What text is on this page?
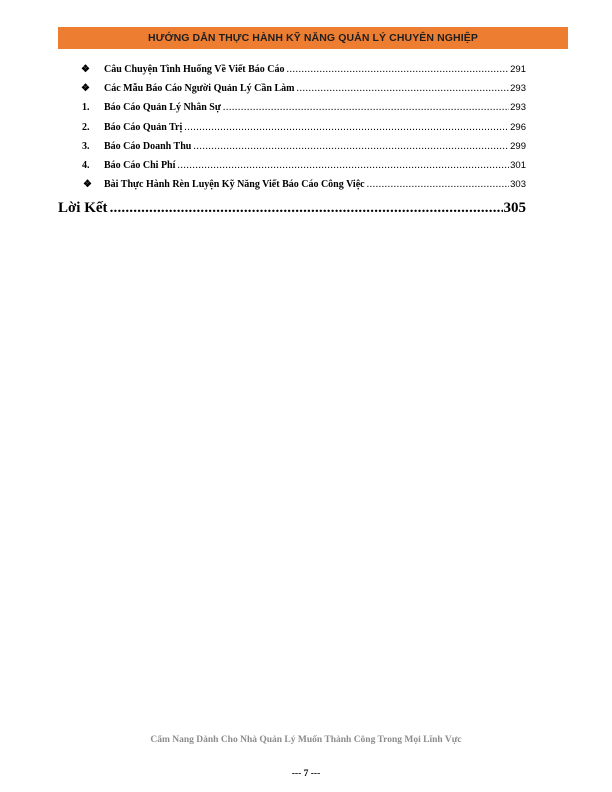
HƯỚNG DẪN THỰC HÀNH KỸ NĂNG QUẢN LÝ CHUYÊN NGHIỆP
❖ Câu Chuyện Tình Huống Về Viết Báo Cáo .....	291
❖ Các Mẫu Báo Cáo Người Quản Lý Cần Làm .....	293
1. Báo Cáo Quản Lý Nhân Sự .....	293
2. Báo Cáo Quản Trị .....	296
3. Báo Cáo Doanh Thu .....	299
4. Báo Cáo Chi Phí .....	301
❖ Bài Thực Hành Rèn Luyện Kỹ Năng Viết Báo Cáo Công Việc .....	303
Lời Kết .....	305
Cẩm Nang Dành Cho Nhà Quản Lý Muốn Thành Công Trong Mọi Lĩnh Vực
--- 7 ---
